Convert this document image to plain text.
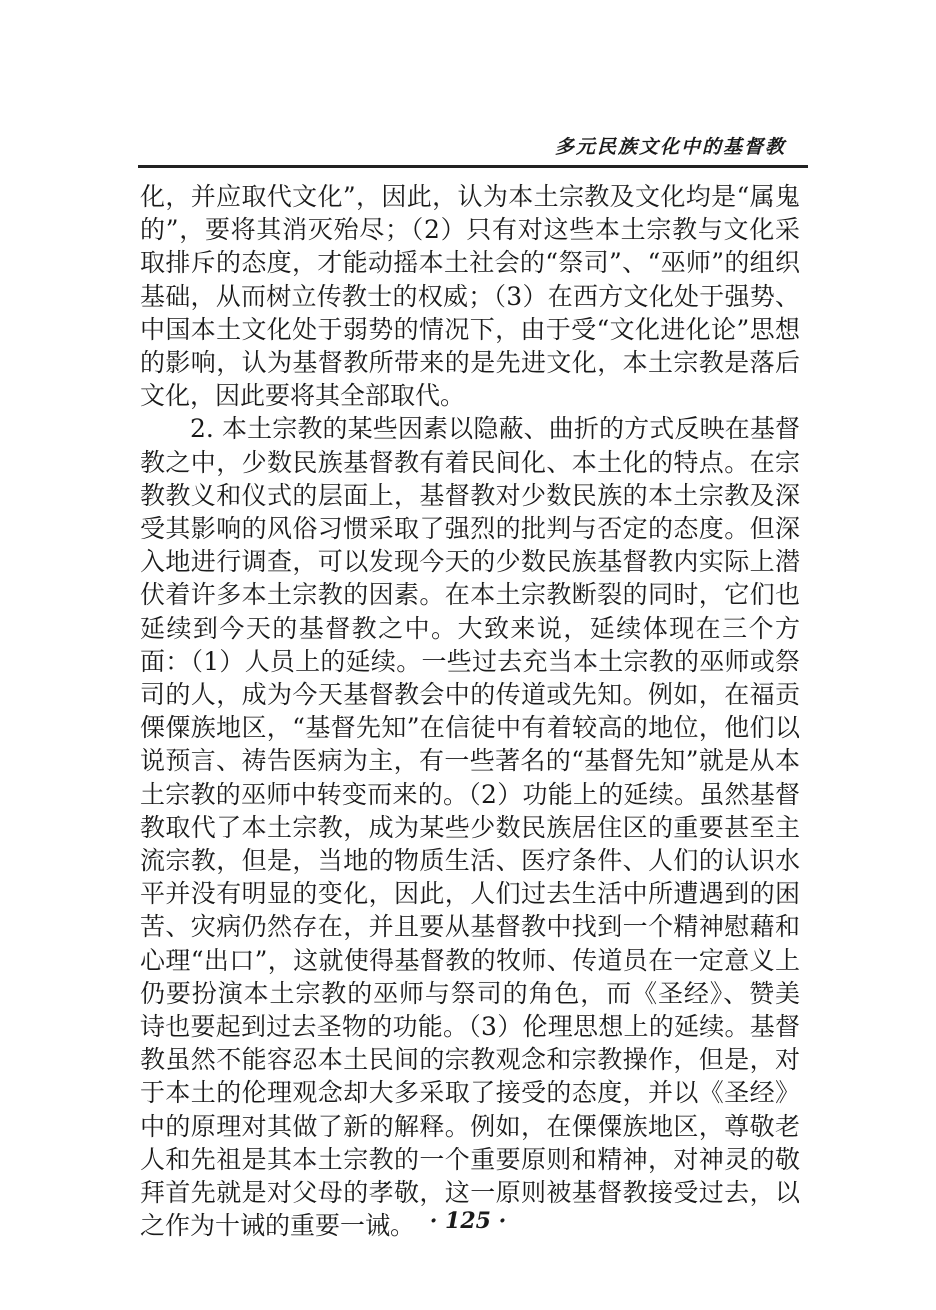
多元民族文化中的基督教

化，并应取代文化”，因此，认为本土宗教及文化均是“属鬼的”，要将其消灭殆尽；（2）只有对这些本土宗教与文化采取排斥的态度，才能动摇本土社会的“祭司”、“巫师”的组织基础，从而树立传教士的权威；（3）在西方文化处于强势、中国本土文化处于弱势的情况下，由于受“文化进化论”思想的影响，认为基督教所带来的是先进文化，本土宗教是落后文化，因此要将其全部取代。

2. 本土宗教的某些因素以隐蔽、曲折的方式反映在基督教之中，少数民族基督教有着民间化、本土化的特点。在宗教教义和仪式的层面上，基督教对少数民族的本土宗教及深受其影响的风俗习惯采取了强烈的批判与否定的态度。但深入地进行调查，可以发现今天的少数民族基督教内实际上潜伏着许多本土宗教的因素。在本土宗教断裂的同时，它们也延续到今天的基督教之中。大致来说，延续体现在三个方面：（1）人员上的延续。一些过去充当本土宗教的巫师或祭司的人，成为今天基督教会中的传道或先知。例如，在福贡傈僳族地区，“基督先知”在信徒中有着较高的地位，他们以说预言、祷告医病为主，有一些著名的“基督先知”就是从本土宗教的巫师中转变而来的。（2）功能上的延续。虽然基督教取代了本土宗教，成为某些少数民族居住区的重要甚至主流宗教，但是，当地的物质生活、医疗条件、人们的认识水平并没有明显的变化，因此，人们过去生活中所遭遇到的困苦、灾病仍然存在，并且要从基督教中找到一个精神慰藉和心理“出口”，这就使得基督教的牧师、传道员在一定意义上仍要扮演本土宗教的巫师与祭司的角色，而《圣经》、赞美诗也要起到过去圣物的功能。（3）伦理思想上的延续。基督教虽然不能容忍本土民间的宗教观念和宗教操作，但是，对于本土的伦理观念却大多采取了接受的态度，并以《圣经》中的原理对其做了新的解释。例如，在傈僳族地区，尊敬老人和先祖是其本土宗教的一个重要原则和精神，对神灵的敬拜首先就是对父母的孝敬，这一原则被基督教接受过去，以之作为十诫的重要一诫。 · 125 ·
